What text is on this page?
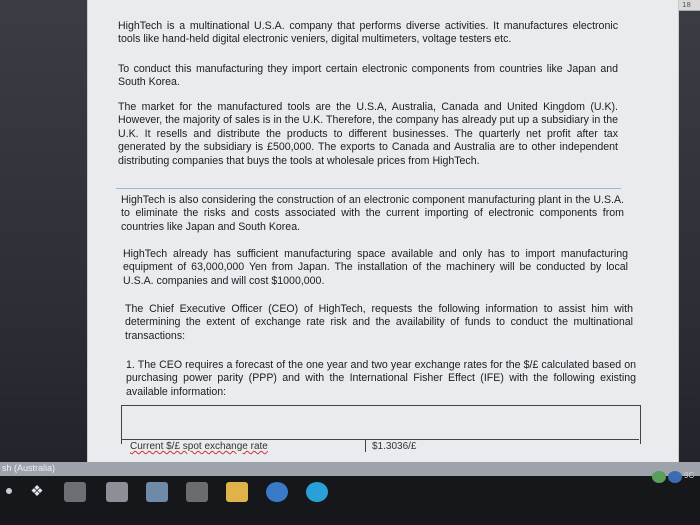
18
HighTech is a multinational U.S.A. company that performs diverse activities. It manufactures electronic tools like hand-held digital electronic veniers, digital multimeters, voltage testers etc.
To conduct this manufacturing they import certain electronic components from countries like Japan and South Korea.
The market for the manufactured tools are the U.S.A, Australia, Canada and United Kingdom (U.K). However, the majority of sales is in the U.K. Therefore, the company has already put up a subsidiary in the U.K. It resells and distribute the products to different businesses. The quarterly net profit after tax generated by the subsidiary is £500,000. The exports to Canada and Australia are to other independent distributing companies that buys the tools at wholesale prices from HighTech.
HighTech is also considering the construction of an electronic component manufacturing plant in the U.S.A. to eliminate the risks and costs associated with the current importing of electronic components from countries like Japan and South Korea.
HighTech already has sufficient manufacturing space available and only has to import manufacturing equipment of 63,000,000 Yen from Japan. The installation of the machinery will be conducted by local U.S.A. companies and will cost $1000,000.
The Chief Executive Officer (CEO) of HighTech, requests the following information to assist him with determining the extent of exchange rate risk and the availability of funds to conduct the multinational transactions:
1. The CEO requires a forecast of the one year and two year exchange rates for the $/£ calculated based on purchasing power parity (PPP) and with the International Fisher Effect (IFE) with the following existing available information:
Current $/£ spot exchange rate	$1.3036/£
sh (Australia)
❖
9C
